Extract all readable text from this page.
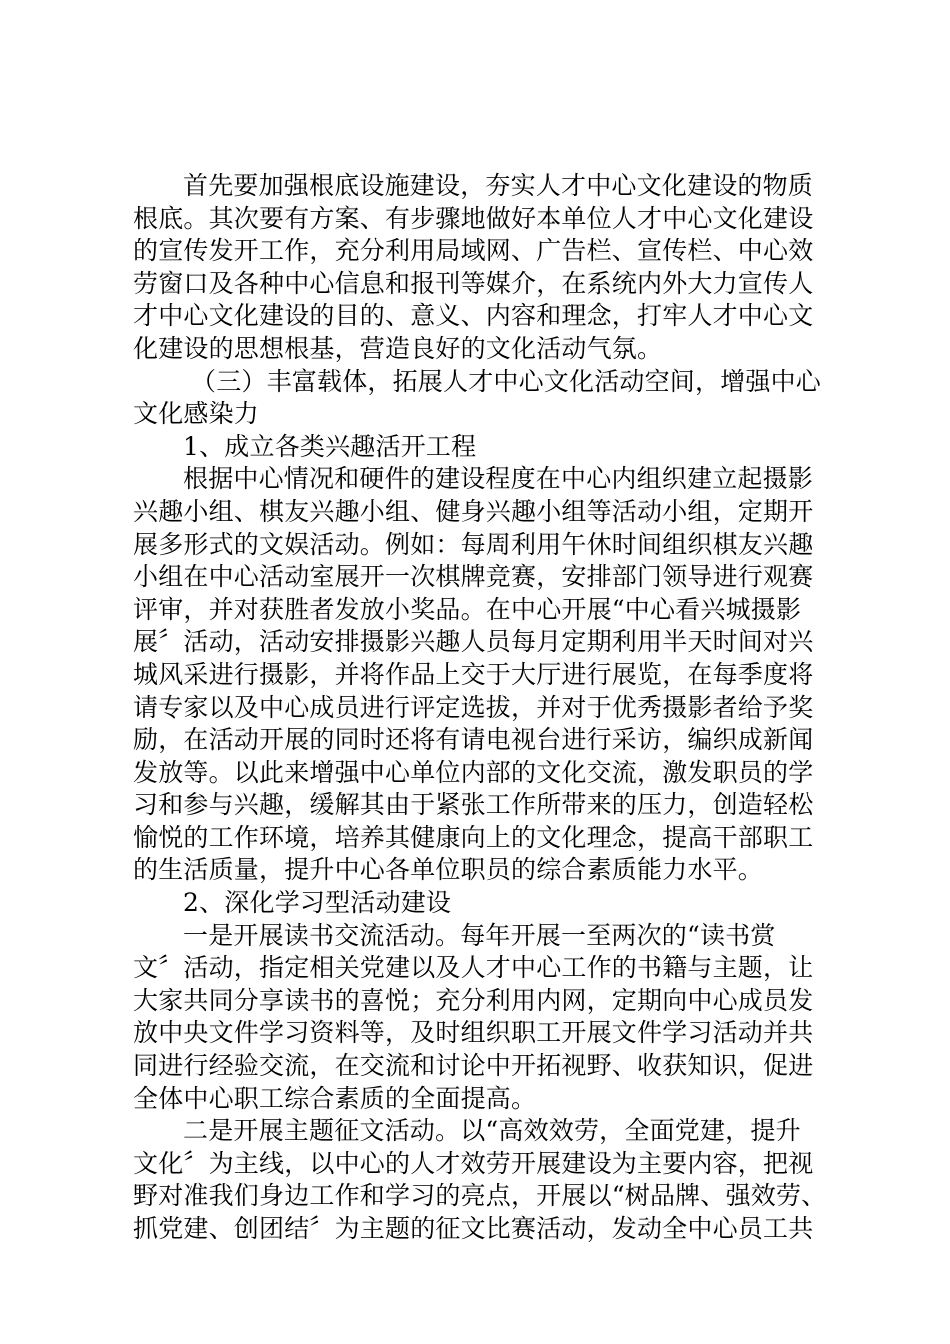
首先要加强根底设施建设，夯实人才中心文化建设的物质
根底。其次要有方案、有步骤地做好本单位人才中心文化建设
的宣传发开工作，充分利用局域网、广告栏、宣传栏、中心效
劳窗口及各种中心信息和报刊等媒介，在系统内外大力宣传人
才中心文化建设的目的、意义、内容和理念，打牢人才中心文
化建设的思想根基，营造良好的文化活动气氛。
（三）丰富载体，拓展人才中心文化活动空间，增强中心
文化感染力
1、成立各类兴趣活开工程
根据中心情况和硬件的建设程度在中心内组织建立起摄影
兴趣小组、棋友兴趣小组、健身兴趣小组等活动小组，定期开
展多形式的文娱活动。例如：每周利用午休时间组织棋友兴趣
小组在中心活动室展开一次棋牌竞赛，安排部门领导进行观赛
评审，并对获胜者发放小奖品。在中心开展“中心看兴城摄影
展〞活动，活动安排摄影兴趣人员每月定期利用半天时间对兴
城风采进行摄影，并将作品上交于大厅进行展览，在每季度将
请专家以及中心成员进行评定选拔，并对于优秀摄影者给予奖
励，在活动开展的同时还将有请电视台进行采访，编织成新闻
发放等。以此来增强中心单位内部的文化交流，激发职员的学
习和参与兴趣，缓解其由于紧张工作所带来的压力，创造轻松
愉悦的工作环境，培养其健康向上的文化理念，提高干部职工
的生活质量，提升中心各单位职员的综合素质能力水平。
2、深化学习型活动建设
一是开展读书交流活动。每年开展一至两次的“读书赏
文〞活动，指定相关党建以及人才中心工作的书籍与主题，让
大家共同分享读书的喜悦；充分利用内网，定期向中心成员发
放中央文件学习资料等，及时组织职工开展文件学习活动并共
同进行经验交流，在交流和讨论中开拓视野、收获知识，促进
全体中心职工综合素质的全面提高。
二是开展主题征文活动。以“高效效劳，全面党建，提升
文化〞为主线，以中心的人才效劳开展建设为主要内容，把视
野对准我们身边工作和学习的亮点，开展以“树品牌、强效劳、
抓党建、创团结〞为主题的征文比赛活动，发动全中心员工共
